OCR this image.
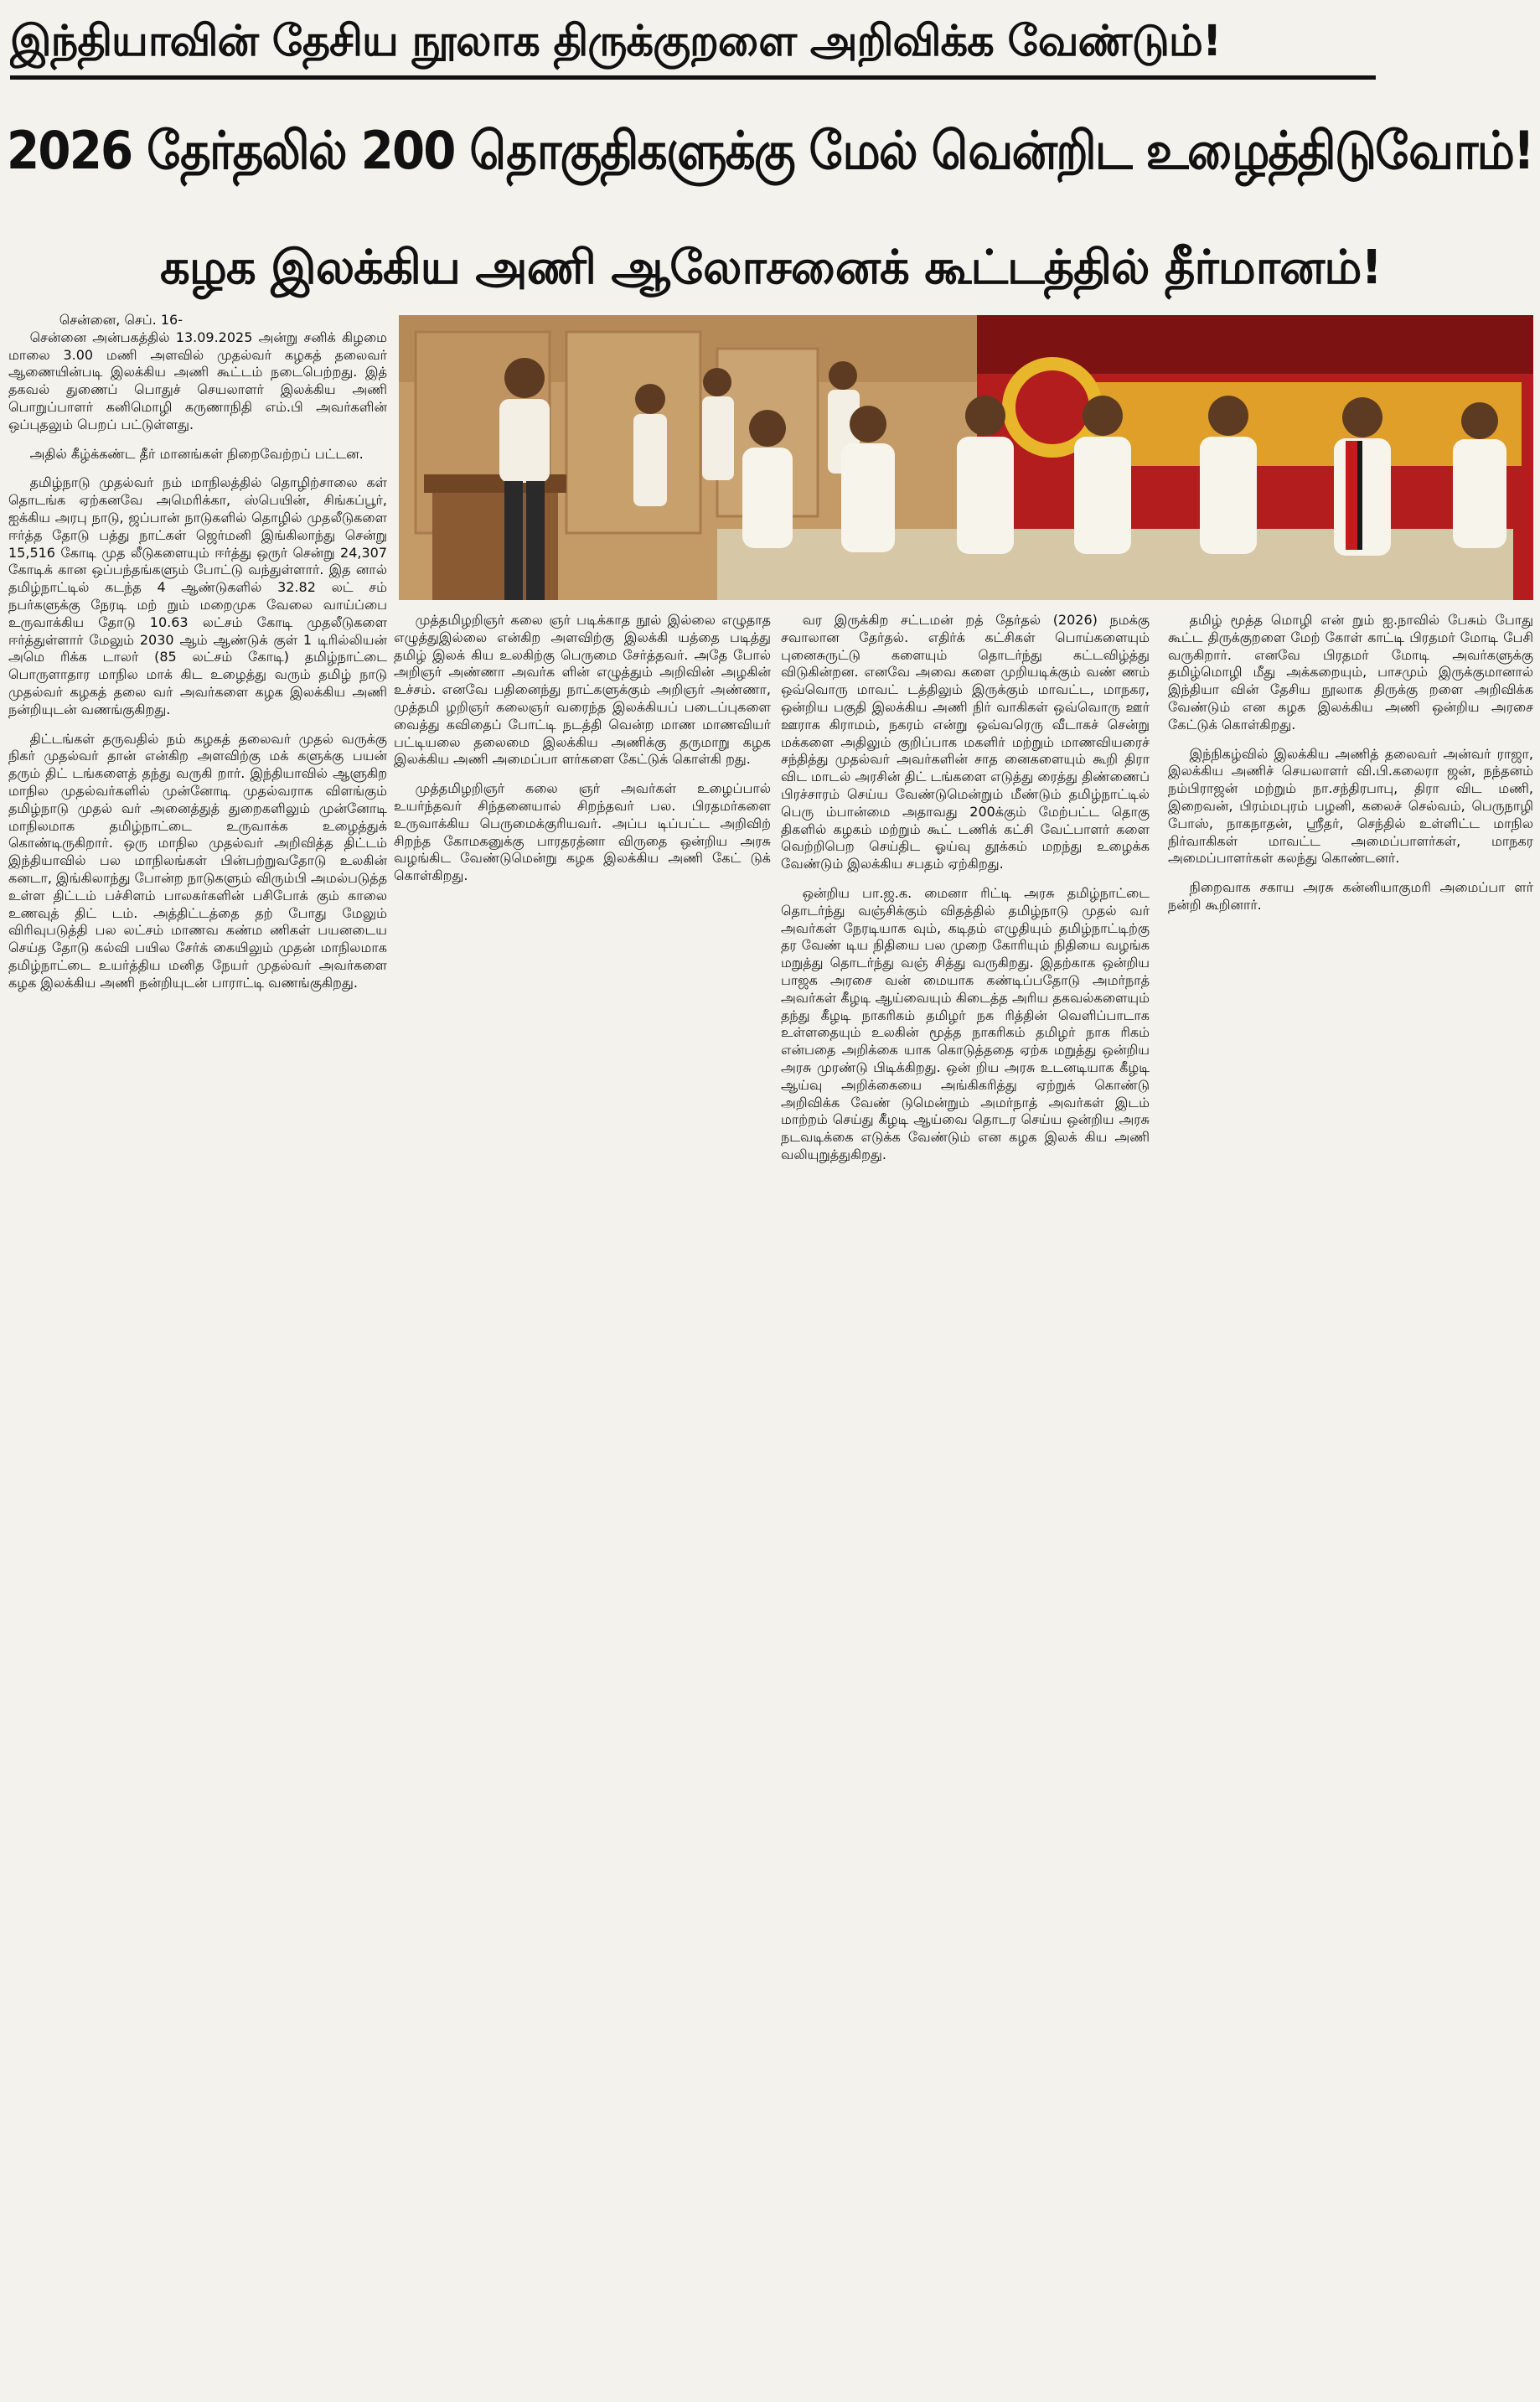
இந்தியாவின் தேசிய நூலாக திருக்குறளை அறிவிக்க வேண்டும்!
2026 தேர்தலில் 200 தொகுதிகளுக்கு மேல் வென்றிட உழைத்திடுவோம்!
கழக இலக்கிய அணி ஆலோசனைக் கூட்டத்தில் தீர்மானம்!

சென்னை, செப். 16-

சென்னை அன்பகத்தில் 13.09.2025 அன்று சனிக் கிழமை மாலை 3.00 மணி அளவில் முதல்வர் கழகத் தலைவர் ஆணையின்படி இலக்கிய அணி கூட்டம் நடைபெற்றது. இத் தகவல் துணைப் பொதுச் செயலாளர் இலக்கிய அணி பொறுப்பாளர் கனிமொழி கருணாநிதி எம்.பி அவர்களின் ஒப்புதலும் பெறப் பட்டுள்ளது.

அதில் கீழ்க்கண்ட தீர் மானங்கள் நிறைவேற்றப் பட்டன.

தமிழ்நாடு முதல்வர் நம் மாநிலத்தில் தொழிற்சாலை கள் தொடங்க ஏற்கனவே அமெரிக்கா, ஸ்பெயின், சிங்கப்பூர், ஐக்கிய அரபு நாடு, ஜப்பான் நாடுகளில் தொழில் முதலீடுகளை ஈர்த்த தோடு பத்து நாட்கள் ஜெர்மனி இங்கிலாந்து சென்று 15,516 கோடி முத லீடுகளையும் ஈர்த்து ஒருர் சென்று 24,307 கோடிக் கான ஒப்பந்தங்களும் போட்டு வந்துள்ளார். இத னால் தமிழ்நாட்டில் கடந்த 4 ஆண்டுகளில் 32.82 லட் சம் நபர்களுக்கு நேரடி மற் றும் மறைமுக வேலை வாய்ப்பை உருவாக்கிய தோடு 10.63 லட்சம் கோடி முதலீடுகளை ஈர்த்துள்ளார் மேலும் 2030 ஆம் ஆண்டுக் குள் 1 டிரில்லியன் அமெ ரிக்க டாலர் (85 லட்சம் கோடி) தமிழ்நாட்டை பொருளாதார மாநில மாக் கிட உழைத்து வரும் தமிழ் நாடு முதல்வர் கழகத் தலை வர் அவர்களை கழக இலக்கிய அணி நன்றியுடன் வணங்குகிறது.

திட்டங்கள் தருவதில் நம் கழகத் தலைவர் முதல் வருக்கு நிகர் முதல்வர் தான் என்கிற அளவிற்கு மக் களுக்கு பயன் தரும் திட் டங்களைத் தந்து வருகி றார். இந்தியாவில் ஆளுகிற மாநில முதல்வர்களில் முன்னோடி முதல்வராக விளங்கும் தமிழ்நாடு முதல் வர் அனைத்துத் துறைகளிலும் முன்னோடி மாநிலமாக தமிழ்நாட்டை உருவாக்க உழைத்துக் கொண்டிருகிறார். ஒரு மாநில முதல்வர் அறிவித்த திட்டம் இந்தியாவில் பல மாநிலங்கள் பின்பற்றுவதோடு உலகின் கனடா, இங்கிலாந்து போன்ற நாடுகளும் விரும்பி அமல்படுத்த உள்ள திட்டம் பச்சிளம் பாலகர்களின் பசிபோக் கும் காலை உணவுத் திட் டம். அத்திட்டத்தை தற் போது மேலும் விரிவுபடுத்தி பல லட்சம் மாணவ கண்ம ணிகள் பயனடைய செய்த தோடு கல்வி பயில சேர்க் கையிலும் முதன் மாநிலமாக தமிழ்நாட்டை உயர்த்திய மனித நேயர் முதல்வர் அவர்களை கழக இலக்கிய அணி நன்றியுடன் பாராட்டி வணங்குகிறது.

முத்தமிழறிஞர் கலை ஞர் படிக்காத நூல் இல்லை எழுதாத எழுத்துஇல்லை என்கிற அளவிற்கு இலக்கி யத்தை படித்து தமிழ் இலக் கிய உலகிற்கு பெருமை சேர்த்தவர். அதே போல் அறிஞர் அண்ணா அவர்க ளின் எழுத்தும் அறிவின் அழகின் உச்சம். எனவே பதினைந்து நாட்களுக்கும் அறிஞர் அண்ணா, முத்தமி ழறிஞர் கலைஞர் வரைந்த இலக்கியப் படைப்புகளை வைத்து கவிதைப் போட்டி நடத்தி வென்ற மாண மாணவியர் பட்டியலை தலைமை இலக்கிய அணிக்கு தருமாறு கழக இலக்கிய அணி அமைப்பா ளர்களை கேட்டுக் கொள்கி றது.

முத்தமிழறிஞர் கலை ஞர் அவர்கள் உழைப்பால் உயர்ந்தவர் சிந்தனையால் சிறந்தவர் பல. பிரதமர்களை உருவாக்கிய பெருமைக்குரியவர். அப்ப டிப்பட்ட அறிவிற் சிறந்த கோமகனுக்கு பாரதரத்னா விருதை ஒன்றிய அரசு வழங்கிட வேண்டுமென்று கழக இலக்கிய அணி கேட் டுக் கொள்கிறது.

வர இருக்கிற சட்டமன் றத் தேர்தல் (2026) நமக்கு சவாலான தேர்தல். எதிர்க் கட்சிகள் பொய்களையும் புனைசுருட்டு களையும் தொடர்ந்து கட்டவிழ்த்து விடுகின்றன. எனவே அவை களை முறியடிக்கும் வண் ணம் ஒவ்வொரு மாவட் டத்திலும் இருக்கும் மாவட்ட, மாநகர, ஒன்றிய பகுதி இலக்கிய அணி நிர் வாகிகள் ஒவ்வொரு ஊர் ஊராக கிராமம், நகரம் என்று ஒவ்வரெரு வீடாகச் சென்று மக்களை அதிலும் குறிப்பாக மகளிர் மற்றும் மாணவியரைச் சந்தித்து முதல்வர் அவர்களின் சாத னைகளையும் கூறி திரா விட மாடல் அரசின் திட் டங்களை எடுத்து ரைத்து திண்ணைப் பிரச்சாரம் செய்ய வேண்டுமென்றும் மீண்டும் தமிழ்நாட்டில் பெரு ம்பான்மை அதாவது 200க்கும் மேற்பட்ட தொகு திகளில் கழகம் மற்றும் கூட் டணிக் கட்சி வேட்பாளர் களை வெற்றிபெற செய்திட ஓய்வு தூக்கம் மறந்து உழைக்க வேண்டும் இலக்கிய சபதம் ஏற்கிறது.

ஒன்றிய பா.ஜ.க. மைனா ரிட்டி அரசு தமிழ்நாட்டை தொடர்ந்து வஞ்சிக்கும் விதத்தில் தமிழ்நாடு முதல் வர் அவர்கள் நேரடியாக வும், கடிதம் எழுதியும் தமிழ்நாட்டிற்கு தர வேண் டிய நிதியை பல முறை கோரியும் நிதியை வழங்க மறுத்து தொடர்ந்து வஞ் சித்து வருகிறது. இதற்காக ஒன்றிய பாஜக அரசை வன் மையாக கண்டிப்பதோடு அமர்நாத் அவர்கள் கீழடி ஆய்வையும் கிடைத்த அரிய தகவல்களையும் தந்து கீழடி நாகரிகம் தமிழர் நக ரித்தின் வெளிப்பாடாக உள்ளதையும் உலகின் மூத்த நாகரிகம் தமிழர் நாக ரிகம் என்பதை அறிக்கை யாக கொடுத்ததை ஏற்க மறுத்து ஒன்றிய அரசு முரண்டு பிடிக்கிறது. ஒன் றிய அரசு உடனடியாக கீழடி ஆய்வு அறிக்கையை அங்கிகரித்து ஏற்றுக் கொண்டு அறிவிக்க வேண் டுமென்றும் அமர்நாத் அவர்கள் இடம் மாற்றம் செய்து கீழடி ஆய்வை தொடர செய்ய ஒன்றிய அரசு நடவடிக்கை எடுக்க வேண்டும் என கழக இலக் கிய அணி வலியுறுத்துகிறது.

தமிழ் மூத்த மொழி என் றும் ஐ.நாவில் பேசும் போது கூட்ட திருக்குறளை மேற் கோள் காட்டி பிரதமர் மோடி பேசி வருகிறார். எனவே பிரதமர் மோடி அவர்களுக்கு தமிழ்மொழி மீது அக்கறையும், பாசமும் இருக்குமானால் இந்தியா வின் தேசிய நூலாக திருக்கு றளை அறிவிக்க வேண்டும் என கழக இலக்கிய அணி ஒன்றிய அரசை கேட்டுக் கொள்கிறது.

இந்நிகழ்வில் இலக்கிய அணித் தலைவர் அன்வர் ராஜா, இலக்கிய அணிச் செயலாளர் வி.பி.கலைரா ஜன், நந்தனம் நம்பிராஜன் மற்றும் நா.சந்திரபாபு, திரா விட மணி, இறைவன், பிரம்மபுரம் பழனி, கலைச் செல்வம், பெருநாழி போஸ், நாகநாதன், ஸ்ரீதர், செந்தில் உள்ளிட்ட மாநில நிர்வாகிகள் மாவட்ட அமைப்பாளர்கள், மாநகர அமைப்பாளர்கள் கலந்து கொண்டனர்.

நிறைவாக சகாய அரசு கன்னியாகுமரி அமைப்பா ளர் நன்றி கூறினார்.
